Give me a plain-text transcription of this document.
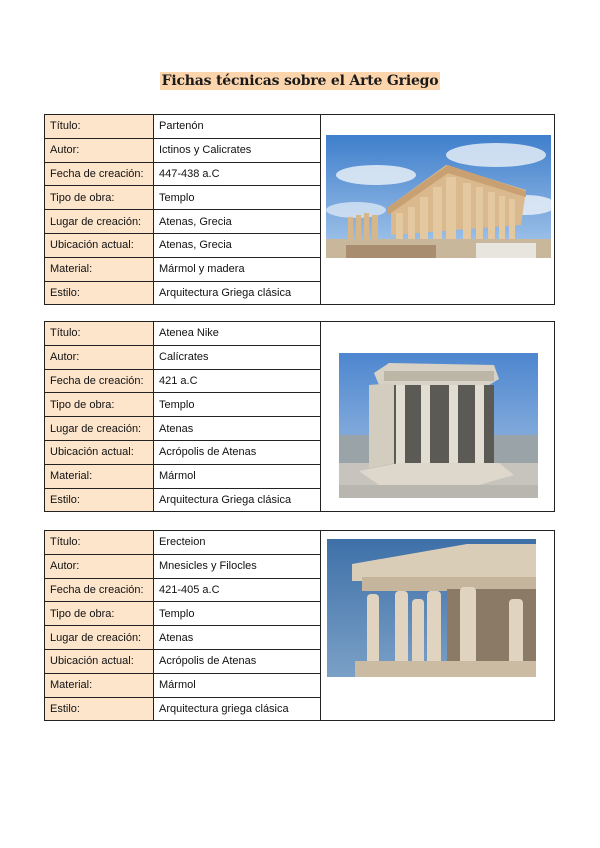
Fichas técnicas sobre el Arte Griego
Título:	Partenón	

Autor:	Ictinos y Calicrates	
Fecha de creación:	447-438 a.C	
Tipo de obra:	Templo	
Lugar de creación:	Atenas, Grecia	
Ubicación actual:	Atenas, Grecia	
Material:	Mármol y madera	
Estilo:	Arquitectura Griega clásica	
Título:	Atenea Nike	

Autor:	Calícrates	
Fecha de creación:	421 a.C	
Tipo de obra:	Templo	
Lugar de creación:	Atenas	
Ubicación actual:	Acrópolis de Atenas	
Material:	Mármol	
Estilo:	Arquitectura Griega clásica	
Título:	Erecteion	

Autor:	Mnesicles y Filocles	
Fecha de creación:	421-405 a.C	
Tipo de obra:	Templo	
Lugar de creación:	Atenas	
Ubicación actual:	Acrópolis de Atenas	
Material:	Mármol	
Estilo:	Arquitectura griega clásica	
